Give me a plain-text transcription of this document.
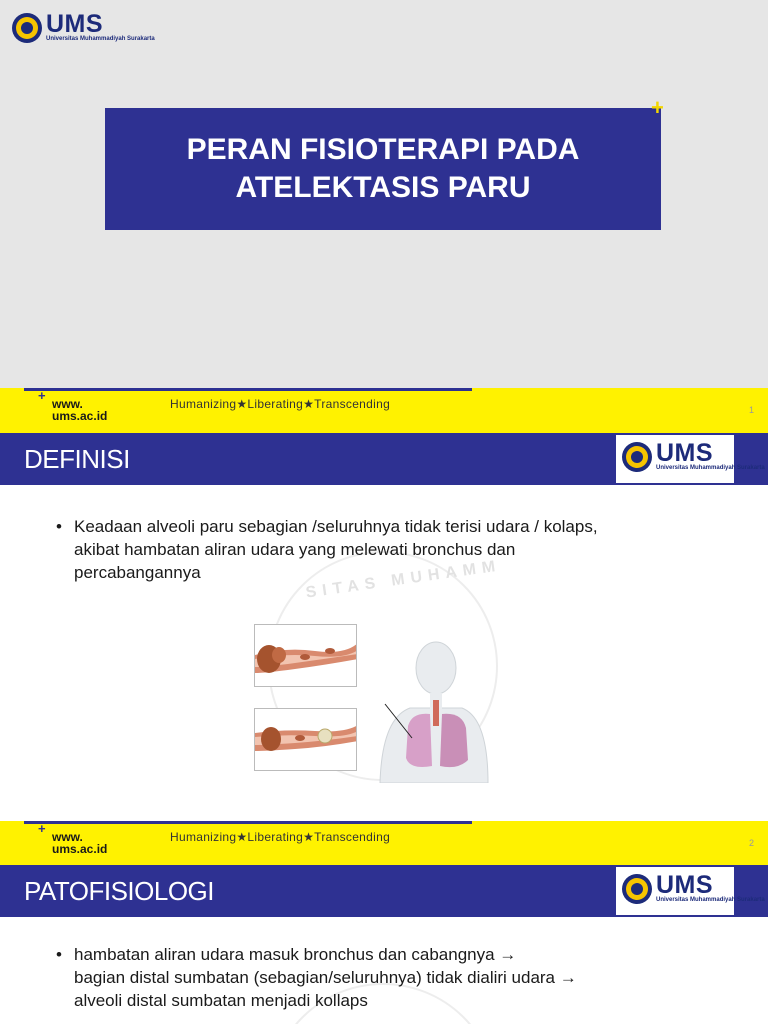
UMS
Universitas Muhammadiyah Surakarta
PERAN FISIOTERAPI PADA ATELEKTASIS PARU
+
+
www.
ums.ac.id
Humanizing★Liberating★Transcending	1
DEFINISI	UMS
Universitas Muhammadiyah Surakarta
SITAS MUHAMM
• Keadaan alveoli paru sebagian /seluruhnya tidak terisi udara / kolaps,
akibat hambatan aliran udara yang melewati bronchus dan
percabangannya
+
www.
ums.ac.id
Humanizing★Liberating★Transcending	2
PATOFISIOLOGI	UMS
Universitas Muhammadiyah Surakarta
• hambatan aliran udara masuk bronchus dan cabangnya →
bagian distal sumbatan (sebagian/seluruhnya) tidak dialiri udara →
alveoli distal sumbatan menjadi kollaps
